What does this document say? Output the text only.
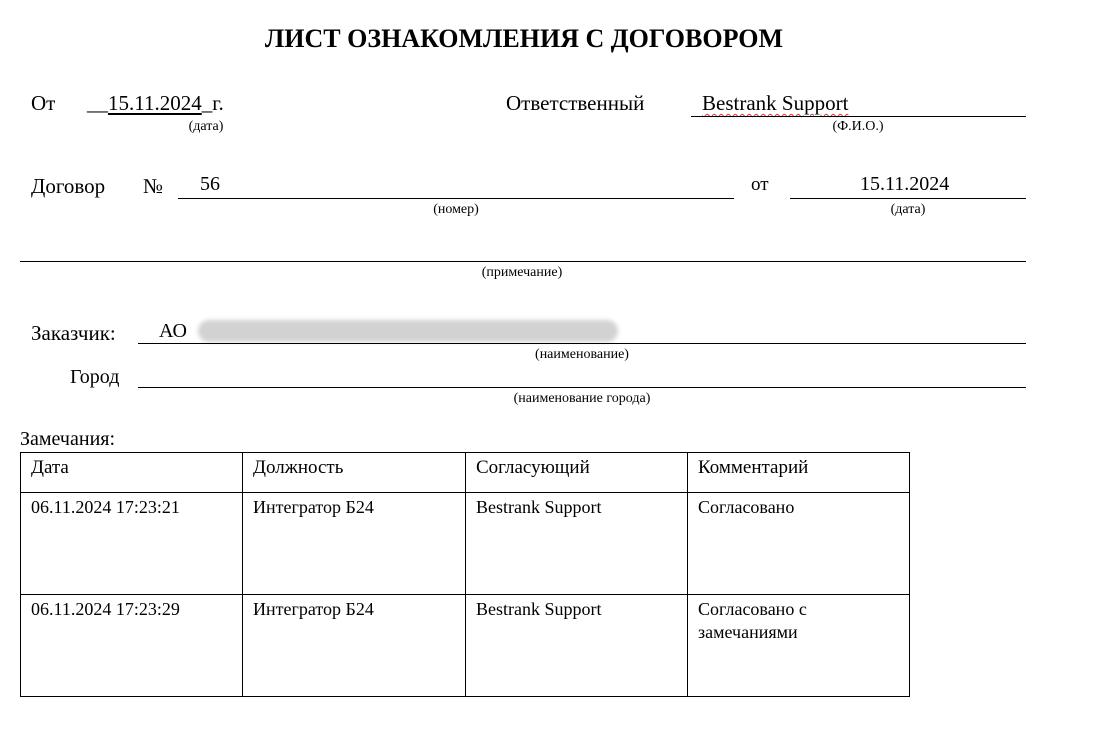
ЛИСТ ОЗНАКОМЛЕНИЯ С ДОГОВОРОМ
От __15.11.2024_г.
(дата)
Ответственный	Bestrank Support
(Ф.И.О.)
Договор № 56
(номер)
от	15.11.2024
(дата)
(примечание)
Заказчик: АО
(наименование)
Город
(наименование города)
Замечания:
Дата	Должность	Согласующий	Комментарий
06.11.2024 17:23:21	Интегратор Б24	Bestrank Support	Согласовано
06.11.2024 17:23:29	Интегратор Б24	Bestrank Support	Согласовано с замечаниями
